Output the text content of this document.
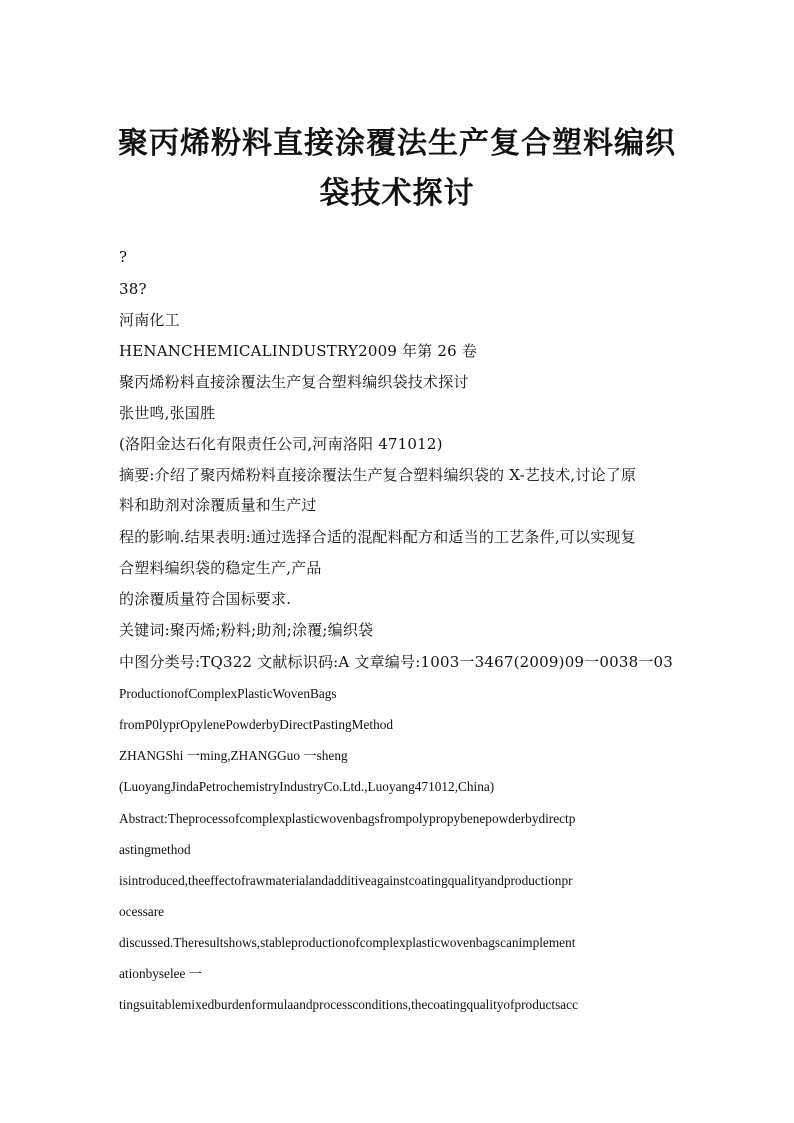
聚丙烯粉料直接涂覆法生产复合塑料编织
袋技术探讨
?
38?
河南化工
HENANCHEMICALINDUSTRY2009 年第 26 卷
聚丙烯粉料直接涂覆法生产复合塑料编织袋技术探讨
张世鸣,张国胜
(洛阳金达石化有限责任公司,河南洛阳 471012)
摘要:介绍了聚丙烯粉料直接涂覆法生产复合塑料编织袋的 X-艺技术,讨论了原
料和助剂对涂覆质量和生产过
程的影响.结果表明:通过选择合适的混配料配方和适当的工艺条件,可以实现复
合塑料编织袋的稳定生产,产品
的涂覆质量符合国标要求.
关键词:聚丙烯;粉料;助剂;涂覆;编织袋
中图分类号:TQ322 文献标识码:A 文章编号:1003一3467(2009)09一0038一03
ProductionofComplexPlasticWovenBags
fromP0lyprOpylenePowderbyDirectPastingMethod
ZHANGShi 一ming,ZHANGGuo 一sheng
(LuoyangJindaPetrochemistryIndustryCo.Ltd.,Luoyang471012,China)
Abstract:Theprocessofcomplexplasticwovenbagsfrompolypropybenepowderbydirectp
astingmethod
isintroduced,theeffectofrawmaterialandadditiveagainstcoatingqualityandproductionpr
ocessare
discussed.Theresultshows,stableproductionofcomplexplasticwovenbagscanimplement
ationbyselee 一
tingsuitablemixedburdenformulaandprocessconditions,thecoatingqualityofproductsacc
